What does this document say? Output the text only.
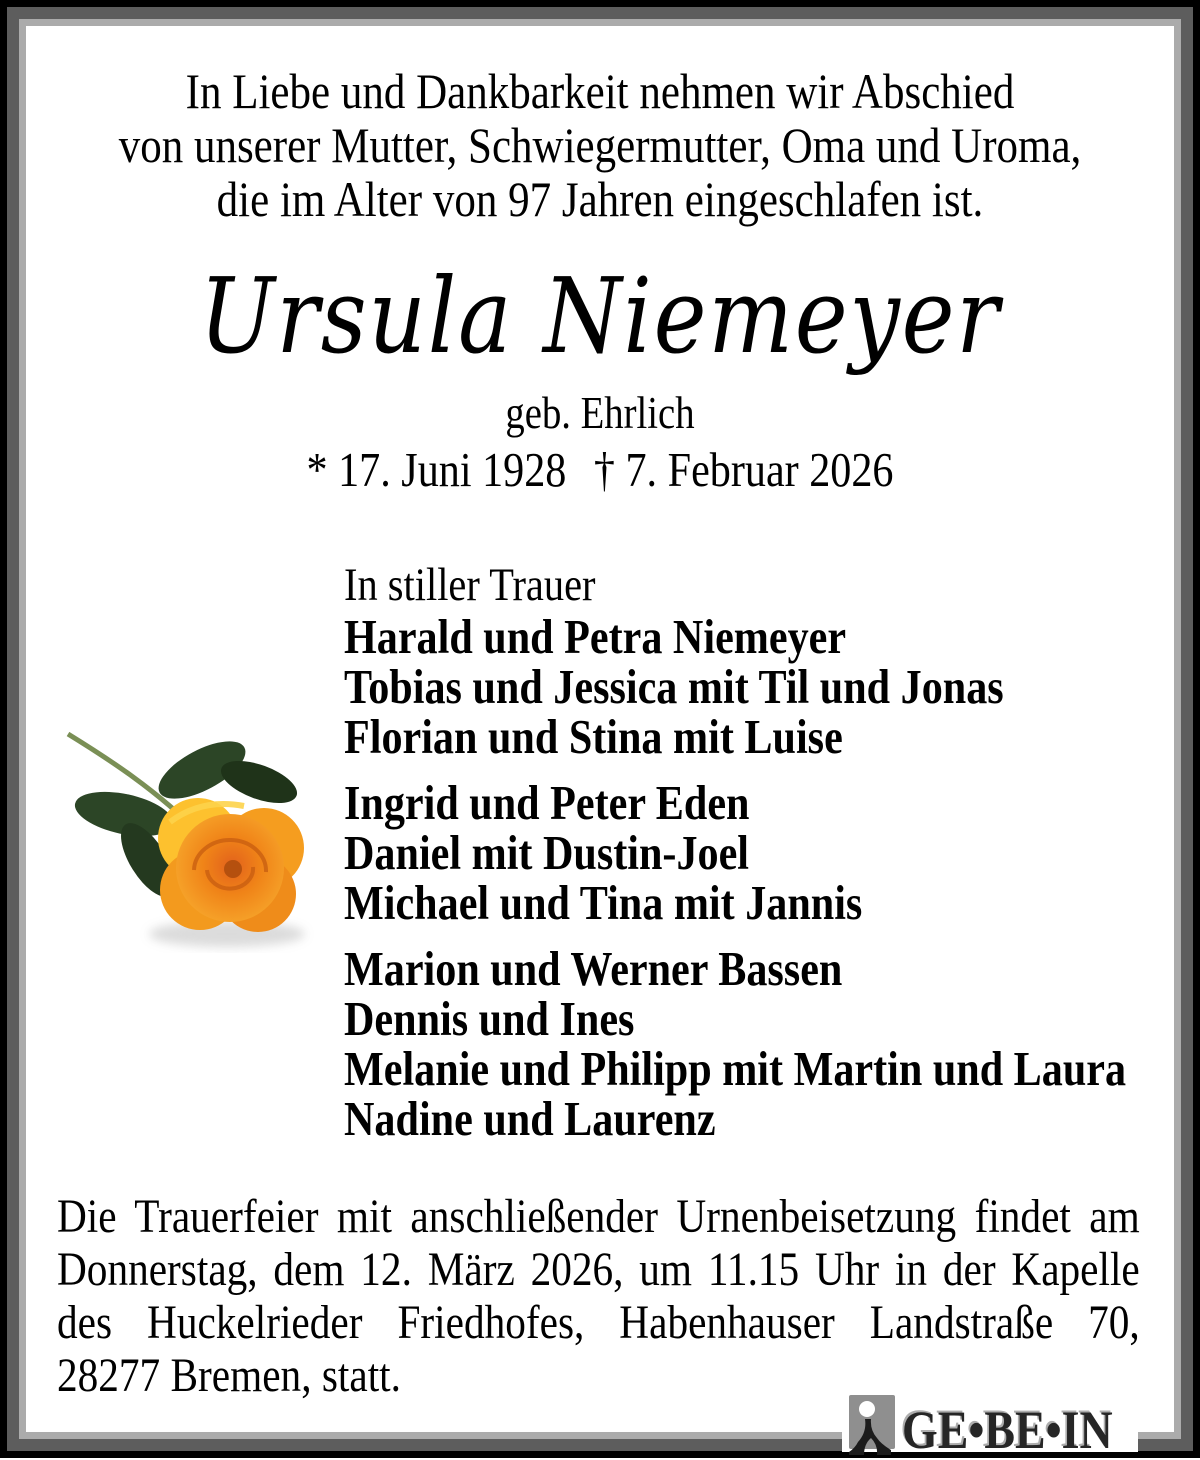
In Liebe und Dankbarkeit nehmen wir Abschied
von unserer Mutter, Schwiegermutter, Oma und Uroma,
die im Alter von 97 Jahren eingeschlafen ist.
Ursula Niemeyer
geb. Ehrlich
* 17. Juni 1928 † 7. Februar 2026
In stiller Trauer
Harald und Petra Niemeyer
Tobias und Jessica mit Til und Jonas
Florian und Stina mit Luise
Ingrid und Peter Eden
Daniel mit Dustin-Joel
Michael und Tina mit Jannis
Marion und Werner Bassen
Dennis und Ines
Melanie und Philipp mit Martin und Laura
Nadine und Laurenz
Die Trauerfeier mit anschließender Urnenbeisetzung findet am
Donnerstag, dem 12. März 2026, um 11.15 Uhr in der Kapelle
des Huckelrieder Friedhofes, Habenhauser Landstraße 70,
28277 Bremen, statt.
GE•BE•IN
